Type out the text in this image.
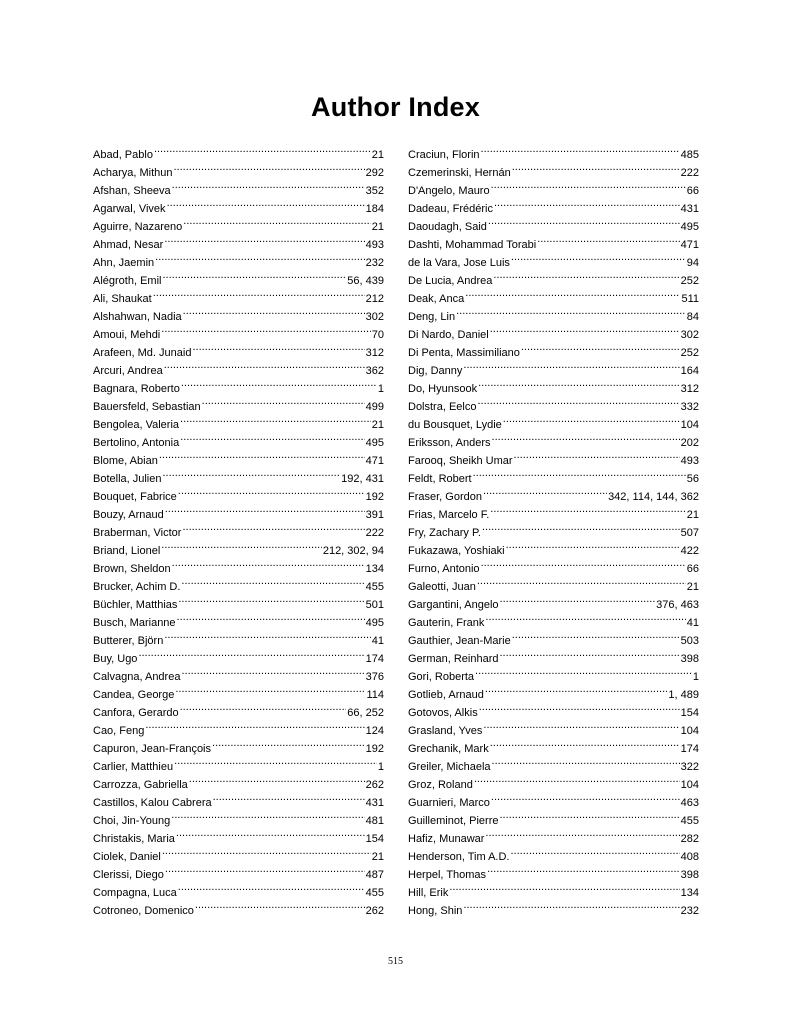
Author Index
Abad, Pablo .....	21
Acharya, Mithun .....	292
Afshan, Sheeva .....	352
Agarwal, Vivek .....	184
Aguirre, Nazareno .....	21
Ahmad, Nesar .....	493
Ahn, Jaemin .....	232
Alégroth, Emil .....	56, 439
Ali, Shaukat .....	212
Alshahwan, Nadia .....	302
Amoui, Mehdi .....	70
Arafeen, Md. Junaid .....	312
Arcuri, Andrea .....	362
Bagnara, Roberto .....	1
Bauersfeld, Sebastian .....	499
Bengolea, Valeria .....	21
Bertolino, Antonia .....	495
Blome, Abian .....	471
Botella, Julien .....	192, 431
Bouquet, Fabrice .....	192
Bouzy, Arnaud .....	391
Braberman, Victor .....	222
Briand, Lionel .....	212, 302, 94
Brown, Sheldon .....	134
Brucker, Achim D. .....	455
Büchler, Matthias .....	501
Busch, Marianne .....	495
Butterer, Björn .....	41
Buy, Ugo .....	174
Calvagna, Andrea .....	376
Candea, George .....	114
Canfora, Gerardo .....	66, 252
Cao, Feng .....	124
Capuron, Jean-François .....	192
Carlier, Matthieu .....	1
Carrozza, Gabriella .....	262
Castillos, Kalou Cabrera .....	431
Choi, Jin-Young .....	481
Christakis, Maria .....	154
Ciolek, Daniel .....	21
Clerissi, Diego .....	487
Compagna, Luca .....	455
Cotroneo, Domenico .....	262
Craciun, Florin .....	485
Czemerinski, Hernán .....	222
D'Angelo, Mauro .....	66
Dadeau, Frédéric .....	431
Daoudagh, Said .....	495
Dashti, Mohammad Torabi .....	471
de la Vara, Jose Luis .....	94
De Lucia, Andrea .....	252
Deak, Anca .....	511
Deng, Lin .....	84
Di Nardo, Daniel .....	302
Di Penta, Massimiliano .....	252
Dig, Danny .....	164
Do, Hyunsook .....	312
Dolstra, Eelco .....	332
du Bousquet, Lydie .....	104
Eriksson, Anders .....	202
Farooq, Sheikh Umar .....	493
Feldt, Robert .....	56
Fraser, Gordon .....	342, 114, 144, 362
Frias, Marcelo F. .....	21
Fry, Zachary P. .....	507
Fukazawa, Yoshiaki .....	422
Furno, Antonio .....	66
Galeotti, Juan .....	21
Gargantini, Angelo .....	376, 463
Gauterin, Frank .....	41
Gauthier, Jean-Marie .....	503
German, Reinhard .....	398
Gori, Roberta .....	1
Gotlieb, Arnaud .....	1, 489
Gotovos, Alkis .....	154
Grasland, Yves .....	104
Grechanik, Mark .....	174
Greiler, Michaela .....	322
Groz, Roland .....	104
Guarnieri, Marco .....	463
Guilleminot, Pierre .....	455
Hafiz, Munawar .....	282
Henderson, Tim A.D. .....	408
Herpel, Thomas .....	398
Hill, Erik .....	134
Hong, Shin .....	232
515
